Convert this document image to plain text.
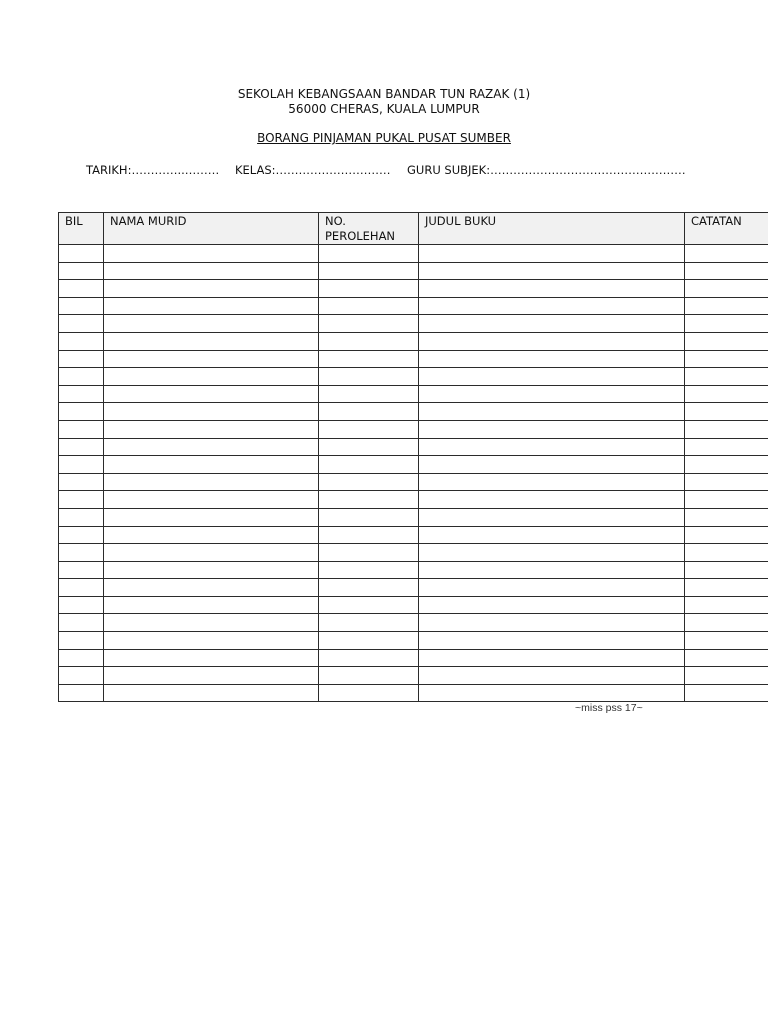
SEKOLAH KEBANGSAAN BANDAR TUN RAZAK (1)
56000 CHERAS, KUALA LUMPUR
BORANG PINJAMAN PUKAL PUSAT SUMBER
TARIKH:…………..……… KELAS:………………………… GURU SUBJEK:……………………………………………
BIL	NAMA MURID	NO. PEROLEHAN	JUDUL BUKU	CATATAN

~miss pss 17~
